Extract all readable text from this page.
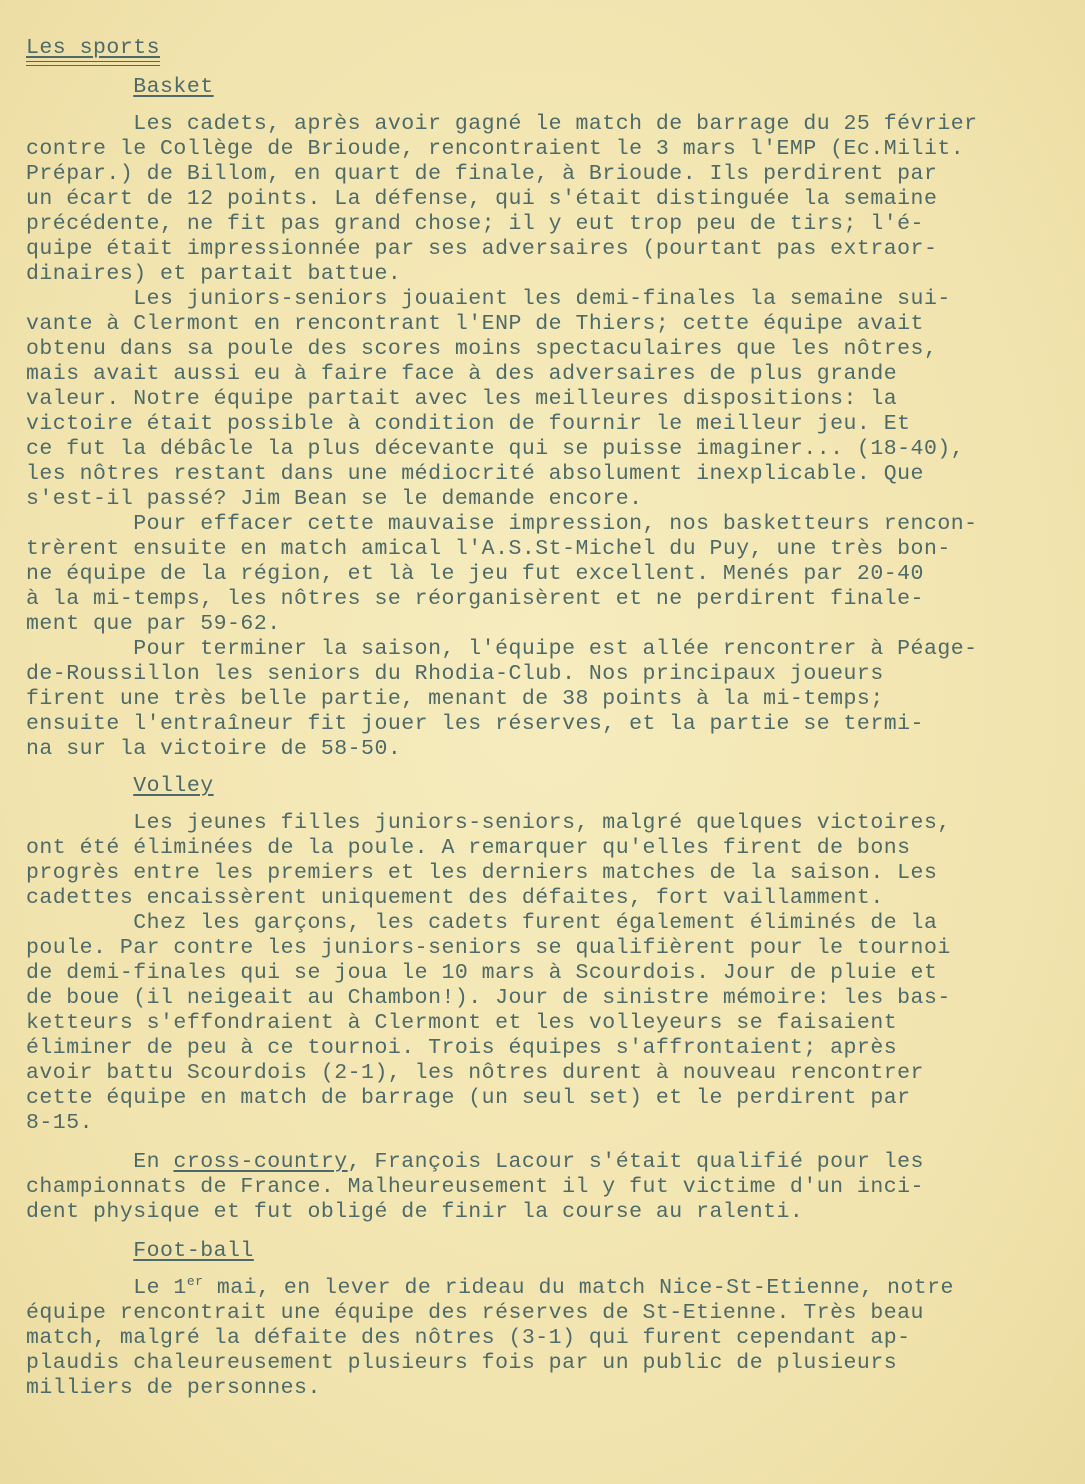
Les sports
Basket
Les cadets, après avoir gagné le match de barrage du 25 février
contre le Collège de Brioude, rencontraient le 3 mars l'EMP (Ec.Milit.
Prépar.) de Billom, en quart de finale, à Brioude. Ils perdirent par
un écart de 12 points. La défense, qui s'était distinguée la semaine
précédente, ne fit pas grand chose; il y eut trop peu de tirs; l'é-
quipe était impressionnée par ses adversaires (pourtant pas extraor-
dinaires) et partait battue.
Les juniors-seniors jouaient les demi-finales la semaine sui-
vante à Clermont en rencontrant l'ENP de Thiers; cette équipe avait
obtenu dans sa poule des scores moins spectaculaires que les nôtres,
mais avait aussi eu à faire face à des adversaires de plus grande
valeur. Notre équipe partait avec les meilleures dispositions: la
victoire était possible à condition de fournir le meilleur jeu. Et
ce fut la débâcle la plus décevante qui se puisse imaginer... (18-40),
les nôtres restant dans une médiocrité absolument inexplicable. Que
s'est-il passé? Jim Bean se le demande encore.
Pour effacer cette mauvaise impression, nos basketteurs rencon-
trèrent ensuite en match amical l'A.S.St-Michel du Puy, une très bon-
ne équipe de la région, et là le jeu fut excellent. Menés par 20-40
à la mi-temps, les nôtres se réorganisèrent et ne perdirent finale-
ment que par 59-62.
Pour terminer la saison, l'équipe est allée rencontrer à Péage-
de-Roussillon les seniors du Rhodia-Club. Nos principaux joueurs
firent une très belle partie, menant de 38 points à la mi-temps;
ensuite l'entraîneur fit jouer les réserves, et la partie se termi-
na sur la victoire de 58-50.
Volley
Les jeunes filles juniors-seniors, malgré quelques victoires,
ont été éliminées de la poule. A remarquer qu'elles firent de bons
progrès entre les premiers et les derniers matches de la saison. Les
cadettes encaissèrent uniquement des défaites, fort vaillamment.
Chez les garçons, les cadets furent également éliminés de la
poule. Par contre les juniors-seniors se qualifièrent pour le tournoi
de demi-finales qui se joua le 10 mars à Scourdois. Jour de pluie et
de boue (il neigeait au Chambon!). Jour de sinistre mémoire: les bas-
ketteurs s'effondraient à Clermont et les volleyeurs se faisaient
éliminer de peu à ce tournoi. Trois équipes s'affrontaient; après
avoir battu Scourdois (2-1), les nôtres durent à nouveau rencontrer
cette équipe en match de barrage (un seul set) et le perdirent par
8-15.
En cross-country, François Lacour s'était qualifié pour les
championnats de France. Malheureusement il y fut victime d'un inci-
dent physique et fut obligé de finir la course au ralenti.
Foot-ball
Le 1er mai, en lever de rideau du match Nice-St-Etienne, notre
équipe rencontrait une équipe des réserves de St-Etienne. Très beau
match, malgré la défaite des nôtres (3-1) qui furent cependant ap-
plaudis chaleureusement plusieurs fois par un public de plusieurs
milliers de personnes.
